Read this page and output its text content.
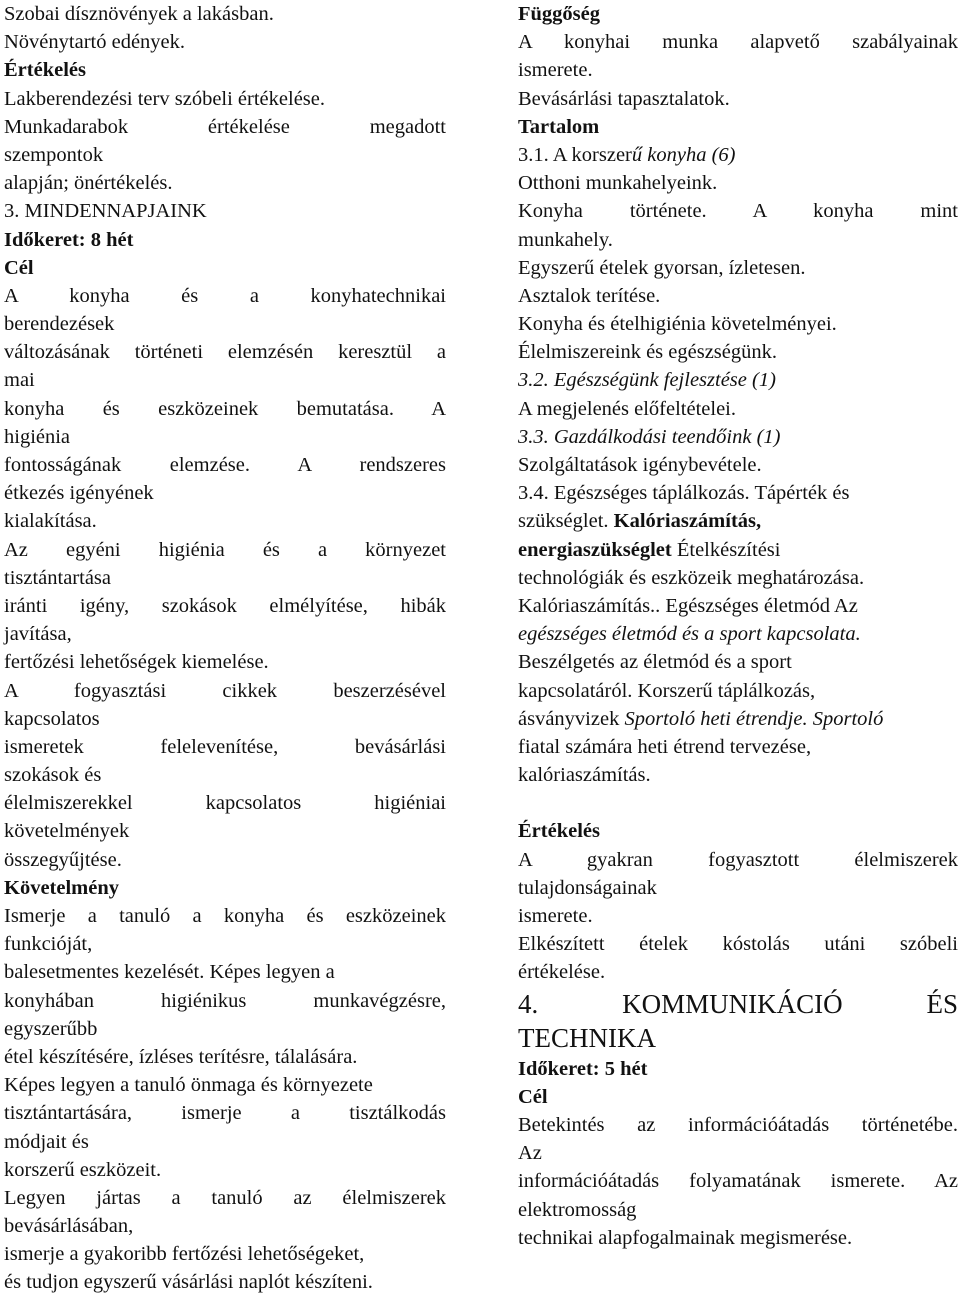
Szobai dísznövények a lakásban.
Növénytartó edények.
Értékelés
Lakberendezési terv szóbeli értékelése.
Munkadarabok értékelése megadott
szempontok
alapján; önértékelés.
3. MINDENNAPJAINK
Időkeret: 8 hét
Cél
A konyha és a konyhatechnikai
berendezések
változásának történeti elemzésén keresztül a
mai
konyha és eszközeinek bemutatása. A
higiénia
fontosságának elemzése. A rendszeres
étkezés igényének
kialakítása.
Az egyéni higiénia és a környezet
tisztántartása
iránti igény, szokások elmélyítése, hibák
javítása,
fertőzési lehetőségek kiemelése.
A fogyasztási cikkek beszerzésével
kapcsolatos
ismeretek felelevenítése, bevásárlási
szokások és
élelmiszerekkel kapcsolatos higiéniai
követelmények
összegyűjtése.
Követelmény
Ismerje a tanuló a konyha és eszközeinek
funkcióját,
balesetmentes kezelését. Képes legyen a
konyhában higiénikus munkavégzésre,
egyszerűbb
étel készítésére, ízléses terítésre, tálalására.
Képes legyen a tanuló önmaga és környezete
tisztántartására, ismerje a tisztálkodás
módjait és
korszerű eszközeit.
Legyen jártas a tanuló az élelmiszerek
bevásárlásában,
ismerje a gyakoribb fertőzési lehetőségeket,
és tudjon egyszerű vásárlási naplót készíteni.
Függőség
A konyhai munka alapvető szabályainak
ismerete.
Bevásárlási tapasztalatok.
Tartalom
3.1. A korszerű konyha (6)
Otthoni munkahelyeink.
Konyha története. A konyha mint
munkahely.
Egyszerű ételek gyorsan, ízletesen.
Asztalok terítése.
Konyha és ételhigiénia követelményei.
Élelmiszereink és egészségünk.
3.2. Egészségünk fejlesztése (1)
A megjelenés előfeltételei.
3.3. Gazdálkodási teendőink (1)
Szolgáltatások igénybevétele.
3.4. Egészséges táplálkozás. Tápérték és
szükséglet. Kalóriaszámítás,
energiaszükséglet Ételkészítési
technológiák és eszközeik meghatározása.
Kalóriaszámítás.. Egészséges életmód Az
egészséges életmód és a sport kapcsolata.
Beszélgetés az életmód és a sport
kapcsolatáról. Korszerű táplálkozás,
ásványvizek Sportoló heti étrendje. Sportoló
fiatal számára heti étrend tervezése,
kalóriaszámítás.
Értékelés
A gyakran fogyasztott élelmiszerek
tulajdonságainak
ismerete.
Elkészített ételek kóstolás utáni szóbeli
értékelése.
4. KOMMUNIKÁCIÓ ÉS
TECHNIKA
Időkeret: 5 hét
Cél
Betekintés az információátadás történetébe.
Az
információátadás folyamatának ismerete. Az
elektromosság
technikai alapfogalmainak megismerése.
